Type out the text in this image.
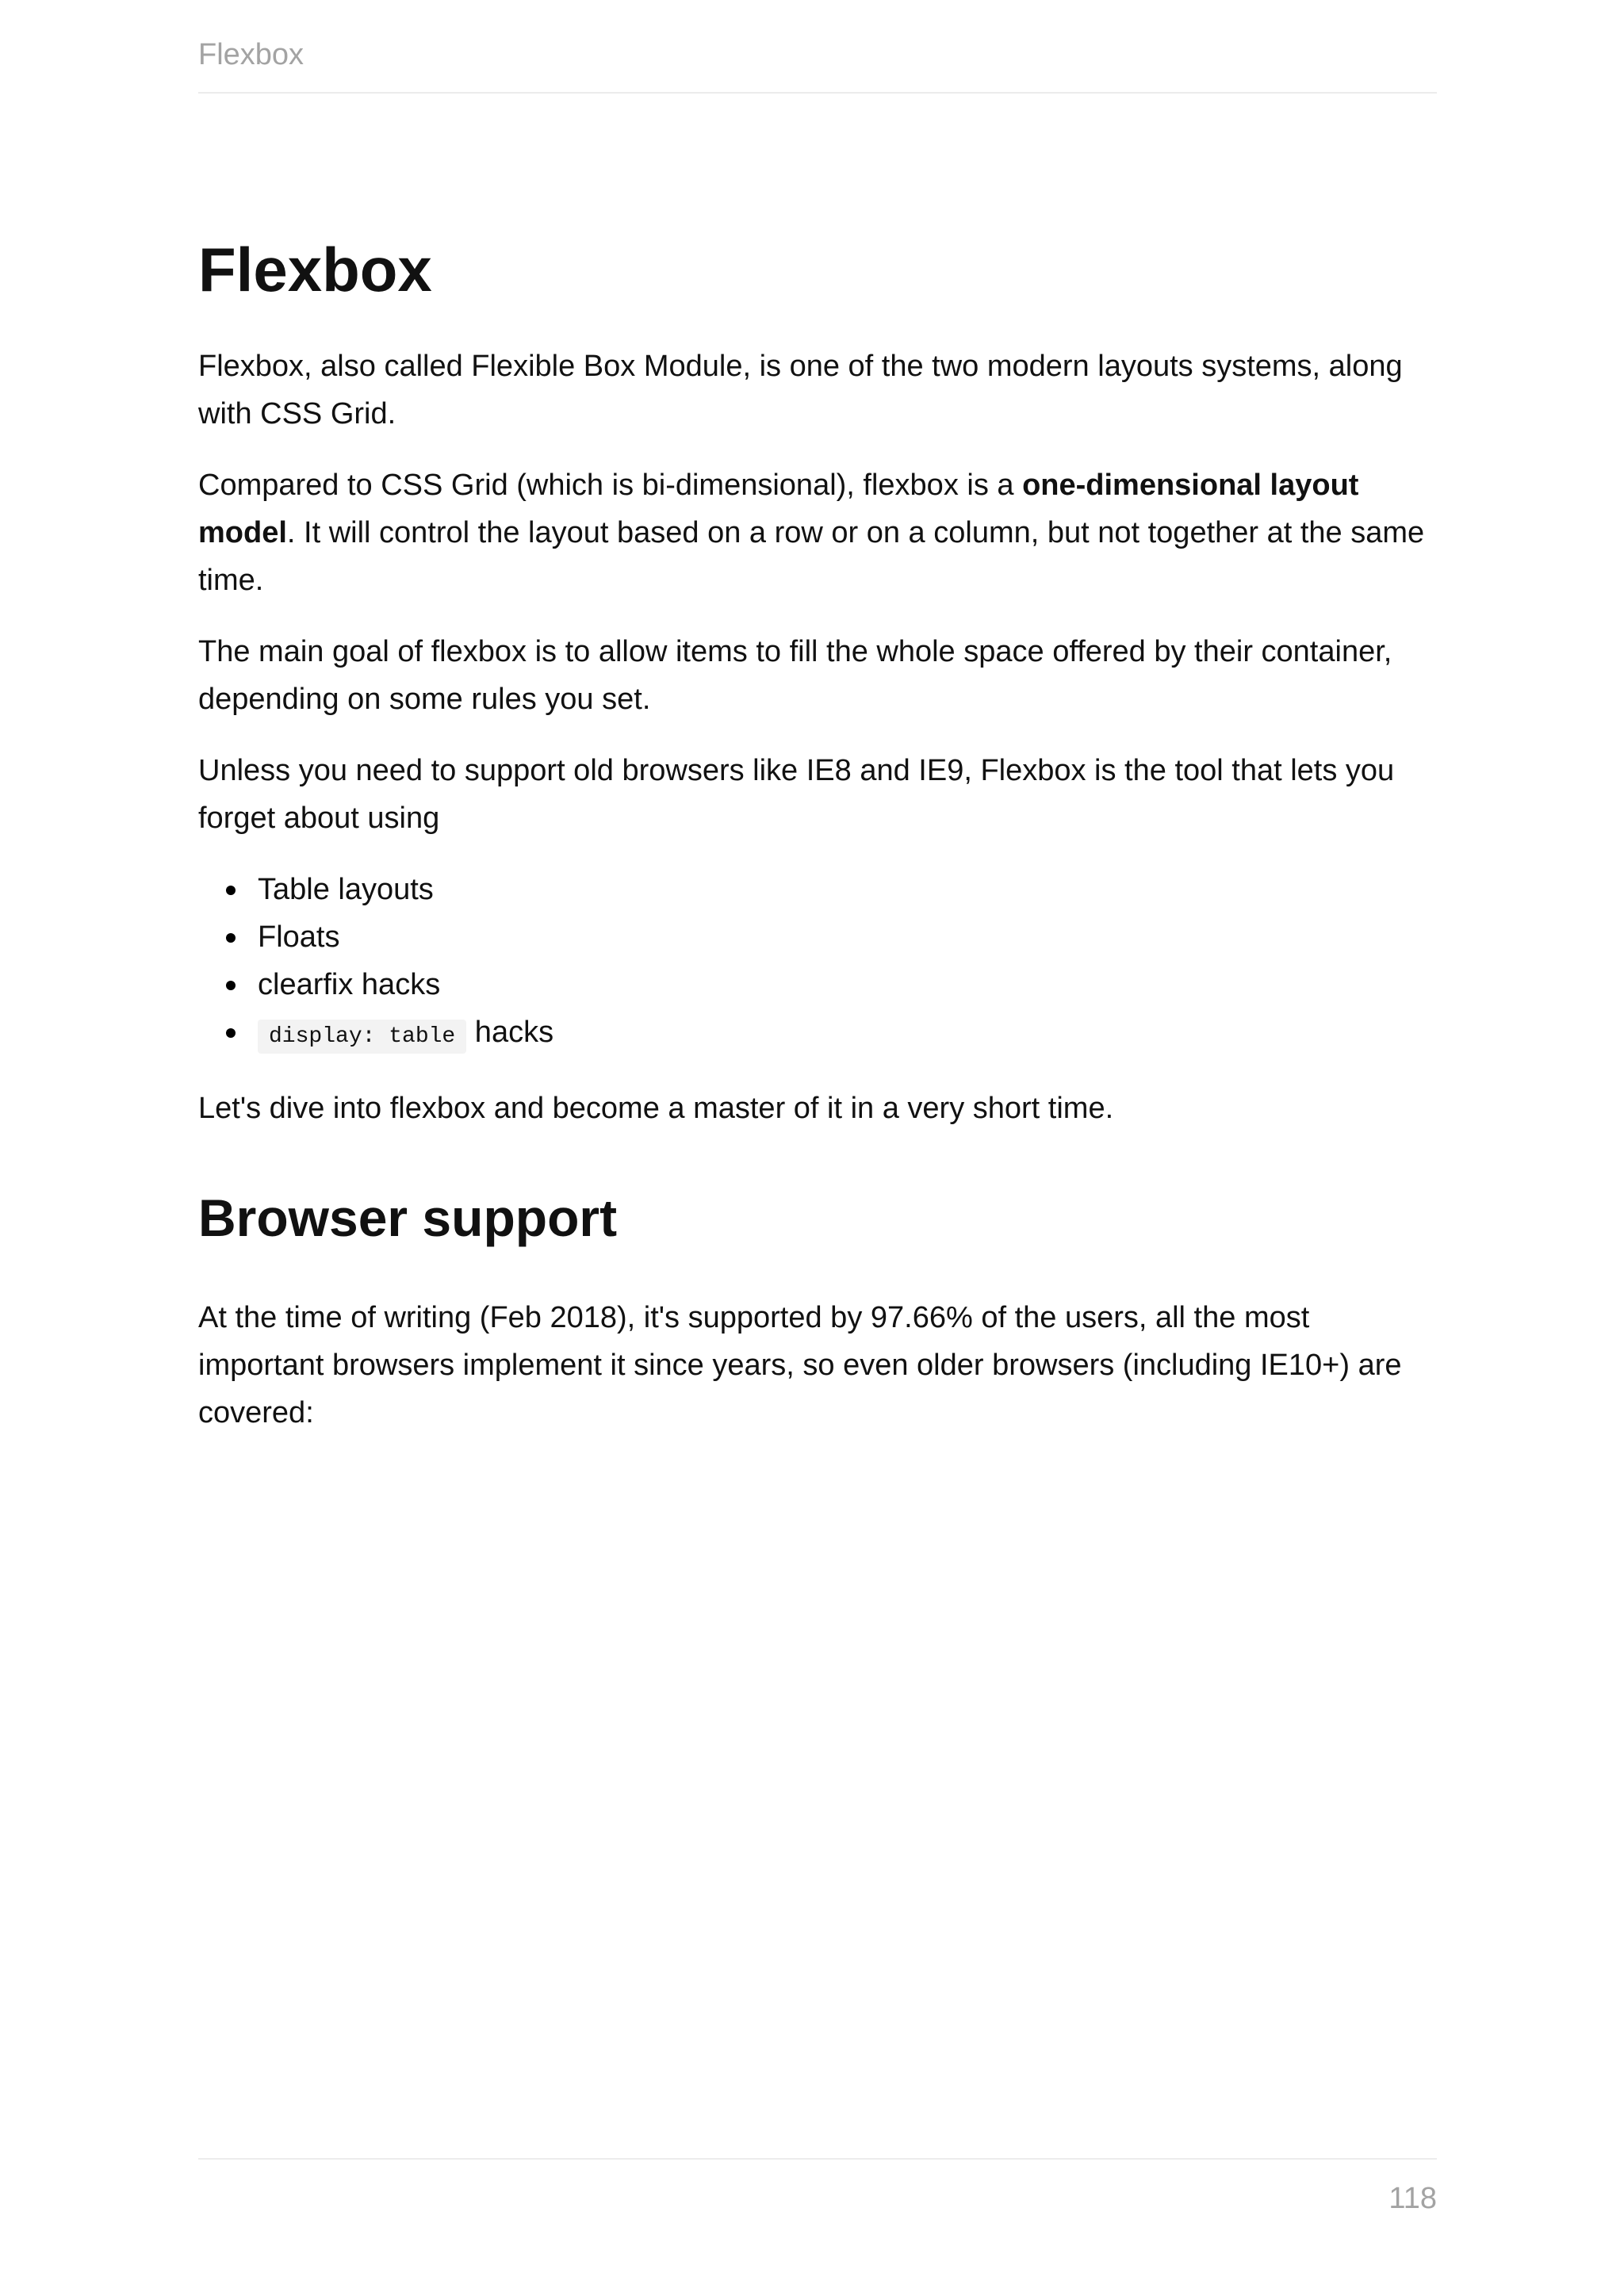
Flexbox
Flexbox

Flexbox, also called Flexible Box Module, is one of the two modern layouts systems, along with CSS Grid.

Compared to CSS Grid (which is bi-dimensional), flexbox is a one-dimensional layout model. It will control the layout based on a row or on a column, but not together at the same time.

The main goal of flexbox is to allow items to fill the whole space offered by their container, depending on some rules you set.

Unless you need to support old browsers like IE8 and IE9, Flexbox is the tool that lets you forget about using

Table layouts
Floats
clearfix hacks
display: table hacks

Let's dive into flexbox and become a master of it in a very short time.

Browser support

At the time of writing (Feb 2018), it's supported by 97.66% of the users, all the most important browsers implement it since years, so even older browsers (including IE10+) are covered:

118
